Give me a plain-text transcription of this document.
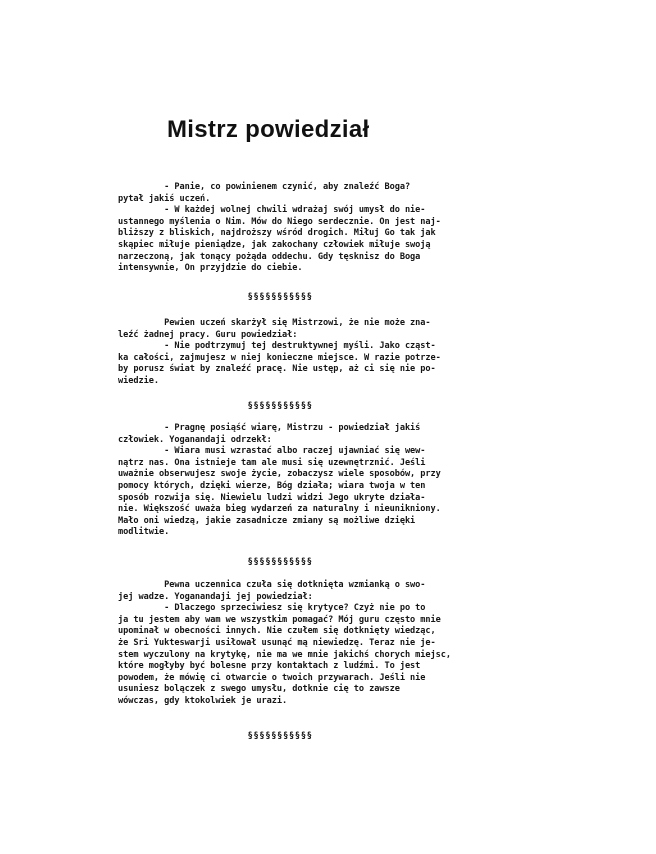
Mistrz powiedział
- Panie, co powinienem czynić, aby znaleźć Boga?
pytał jakiś uczeń.
- W każdej wolnej chwili wdrażaj swój umysł do nie-
ustannego myślenia o Nim. Mów do Niego serdecznie. On jest naj-
bliższy z bliskich, najdroższy wśród drogich. Miłuj Go tak jak
skąpiec miłuje pieniądze, jak zakochany człowiek miłuje swoją
narzeczoną, jak tonący pożąda oddechu. Gdy tęsknisz do Boga
intensywnie, On przyjdzie do ciebie.
§§§§§§§§§§§
Pewien uczeń skarżył się Mistrzowi, że nie może zna-
leźć żadnej pracy. Guru powiedział:
- Nie podtrzymuj tej destruktywnej myśli. Jako cząst-
ka całości, zajmujesz w niej konieczne miejsce. W razie potrze-
by porusz świat by znaleźć pracę. Nie ustęp, aż ci się nie po-
wiedzie.
§§§§§§§§§§§
- Pragnę posiąść wiarę, Mistrzu - powiedział jakiś
człowiek. Yoganandaji odrzekł:
- Wiara musi wzrastać albo raczej ujawniać się wew-
nątrz nas. Ona istnieje tam ale musi się uzewnętrznić. Jeśli
uważnie obserwujesz swoje życie, zobaczysz wiele sposobów, przy
pomocy których, dzięki wierze, Bóg działa; wiara twoja w ten
sposób rozwija się. Niewielu ludzi widzi Jego ukryte działa-
nie. Większość uważa bieg wydarzeń za naturalny i nieunikniony.
Mało oni wiedzą, jakie zasadnicze zmiany są możliwe dzięki
modlitwie.
§§§§§§§§§§§
Pewna uczennica czuła się dotknięta wzmianką o swo-
jej wadze. Yoganandaji jej powiedział:
- Dlaczego sprzeciwiesz się krytyce? Czyż nie po to
ja tu jestem aby wam we wszystkim pomagać? Mój guru często mnie
upominał w obecności innych. Nie czułem się dotknięty wiedząc,
że Sri Yukteswarji usiłował usunąć mą niewiedzę. Teraz nie je-
stem wyczulony na krytykę, nie ma we mnie jakichś chorych miejsc,
które mogłyby być bolesne przy kontaktach z ludźmi. To jest
powodem, że mówię ci otwarcie o twoich przywarach. Jeśli nie
usuniesz bolączek z swego umysłu, dotknie cię to zawsze
wówczas, gdy ktokolwiek je urazi.
§§§§§§§§§§§
